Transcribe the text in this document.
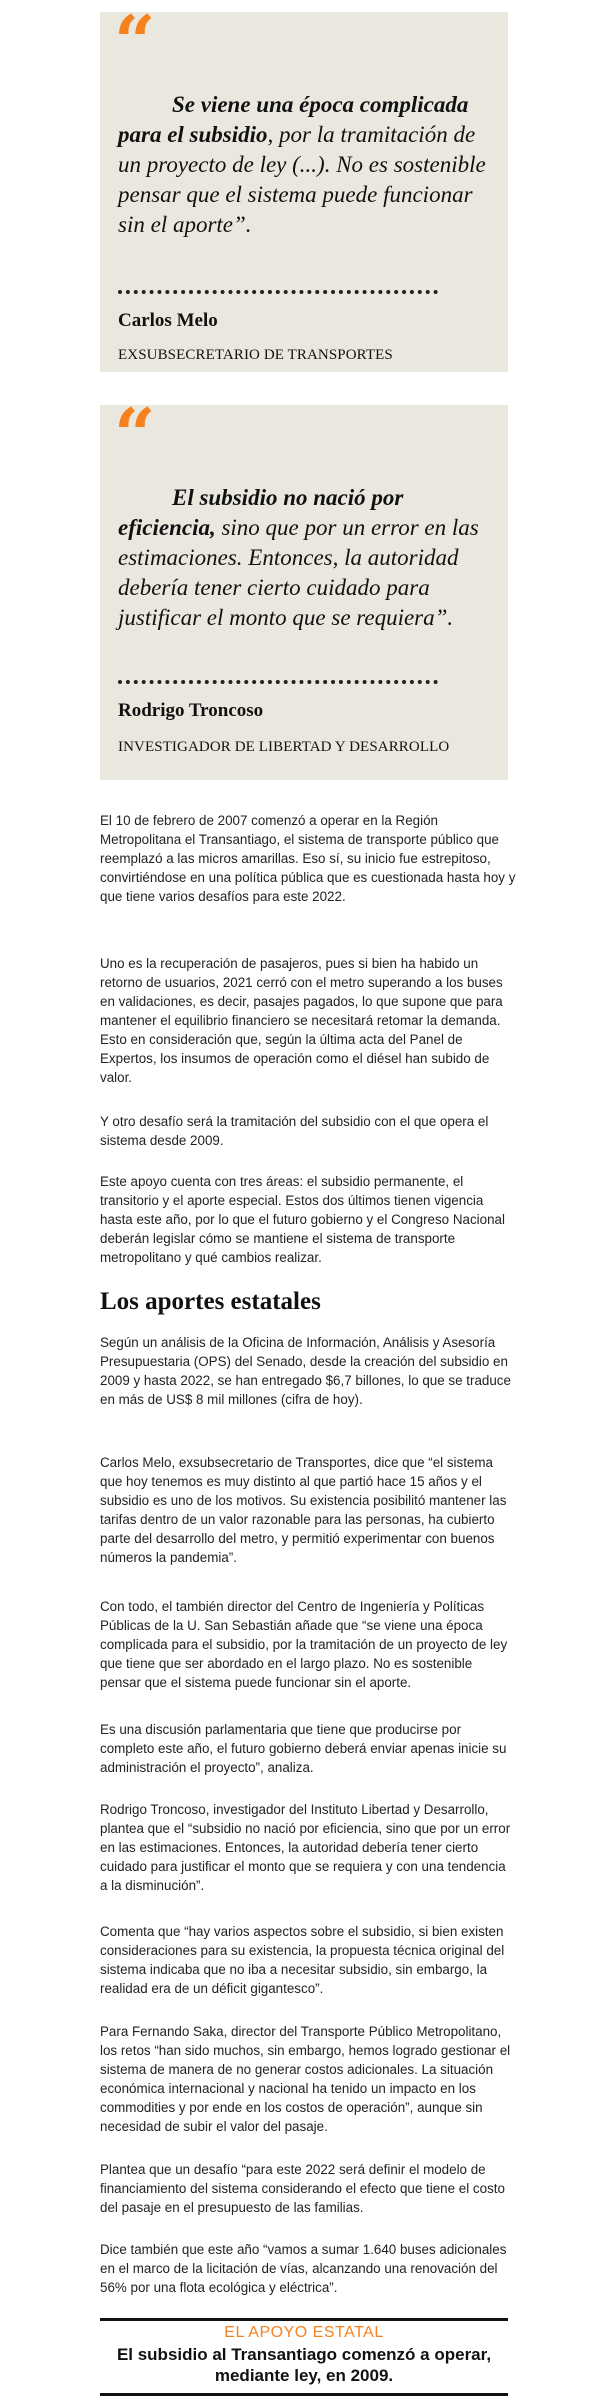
“
Se viene una época complicada para el subsidio, por la tramitación de un proyecto de ley (...). No es sostenible pensar que el sistema puede funcionar sin el aporte”.
Carlos Melo
EXSUBSECRETARIO DE TRANSPORTES
“
El subsidio no nació por eficiencia, sino que por un error en las estimaciones. Entonces, la autoridad debería tener cierto cuidado para justificar el monto que se requiera”.
Rodrigo Troncoso
INVESTIGADOR DE LIBERTAD Y DESARROLLO

El 10 de febrero de 2007 comenzó a operar en la Región Metropolitana el Transantiago, el sistema de transporte público que reemplazó a las micros amarillas. Eso sí, su inicio fue estrepitoso, convirtiéndose en una política pública que es cuestionada hasta hoy y que tiene varios desafíos para este 2022.

Uno es la recuperación de pasajeros, pues si bien ha habido un retorno de usuarios, 2021 cerró con el metro superando a los buses en validaciones, es decir, pasajes pagados, lo que supone que para mantener el equilibrio financiero se necesitará retomar la demanda. Esto en consideración que, según la última acta del Panel de Expertos, los insumos de operación como el diésel han subido de valor.

Y otro desafío será la tramitación del subsidio con el que opera el sistema desde 2009.

Este apoyo cuenta con tres áreas: el subsidio permanente, el transitorio y el aporte especial. Estos dos últimos tienen vigencia hasta este año, por lo que el futuro gobierno y el Congreso Nacional deberán legislar cómo se mantiene el sistema de transporte metropolitano y qué cambios realizar.

Los aportes estatales

Según un análisis de la Oficina de Información, Análisis y Asesoría Presupuestaria (OPS) del Senado, desde la creación del subsidio en 2009 y hasta 2022, se han entregado $6,7 billones, lo que se traduce en más de US$ 8 mil millones (cifra de hoy).

Carlos Melo, exsubsecretario de Transportes, dice que “el sistema que hoy tenemos es muy distinto al que partió hace 15 años y el subsidio es uno de los motivos. Su existencia posibilitó mantener las tarifas dentro de un valor razonable para las personas, ha cubierto parte del desarrollo del metro, y permitió experimentar con buenos números la pandemia”.

Con todo, el también director del Centro de Ingeniería y Políticas Públicas de la U. San Sebastián añade que “se viene una época complicada para el subsidio, por la tramitación de un proyecto de ley que tiene que ser abordado en el largo plazo. No es sostenible pensar que el sistema puede funcionar sin el aporte.

Es una discusión parlamentaria que tiene que producirse por completo este año, el futuro gobierno deberá enviar apenas inicie su administración el proyecto”, analiza.

Rodrigo Troncoso, investigador del Instituto Libertad y Desarrollo, plantea que el “subsidio no nació por eficiencia, sino que por un error en las estimaciones. Entonces, la autoridad debería tener cierto cuidado para justificar el monto que se requiera y con una tendencia a la disminución”.

Comenta que “hay varios aspectos sobre el subsidio, si bien existen consideraciones para su existencia, la propuesta técnica original del sistema indicaba que no iba a necesitar subsidio, sin embargo, la realidad era de un déficit gigantesco”.

Para Fernando Saka, director del Transporte Público Metropolitano, los retos “han sido muchos, sin embargo, hemos logrado gestionar el sistema de manera de no generar costos adicionales. La situación económica internacional y nacional ha tenido un impacto en los commodities y por ende en los costos de operación”, aunque sin necesidad de subir el valor del pasaje.

Plantea que un desafío “para este 2022 será definir el modelo de financiamiento del sistema considerando el efecto que tiene el costo del pasaje en el presupuesto de las familias.

Dice también que este año “vamos a sumar 1.640 buses adicionales en el marco de la licitación de vías, alcanzando una renovación del 56% por una flota ecológica y eléctrica”.

EL APOYO ESTATAL
El subsidio al Transantiago comenzó a operar, mediante ley, en 2009.
